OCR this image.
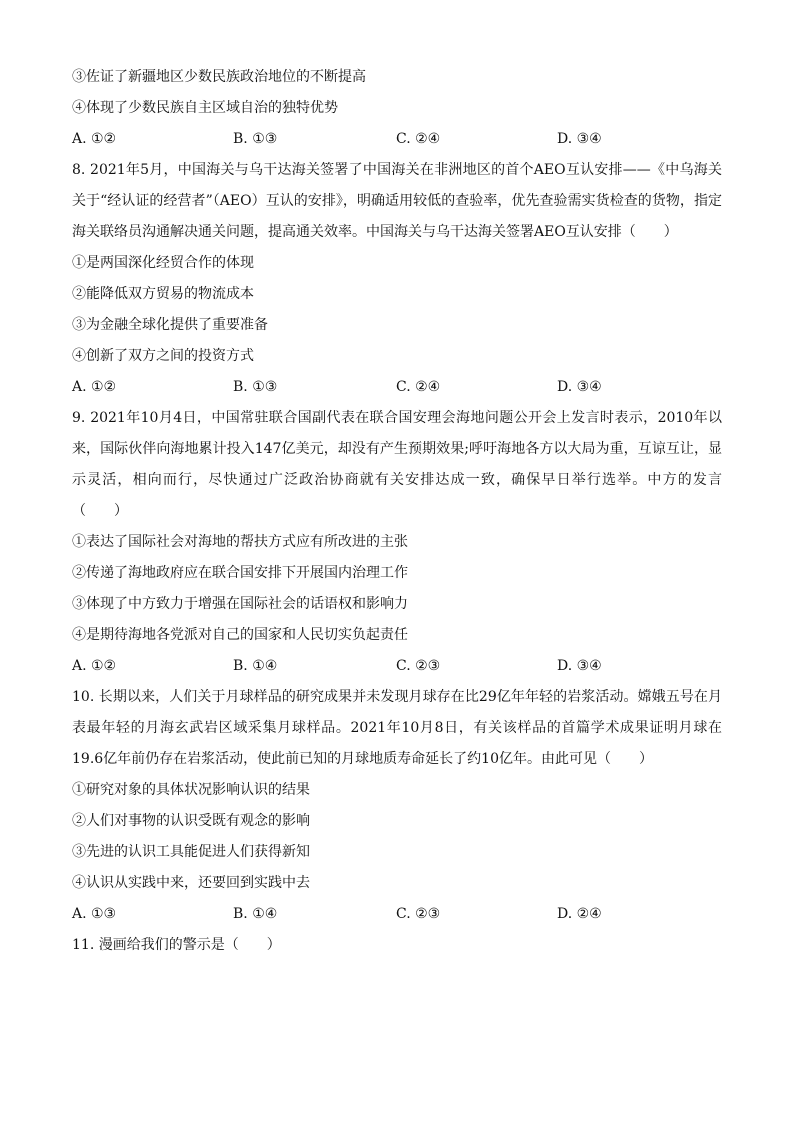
③佐证了新疆地区少数民族政治地位的不断提高
④体现了少数民族自主区域自治的独特优势
A. ①②	B. ①③	C. ②④	D. ③④
8. 2021年5月，中国海关与乌干达海关签署了中国海关在非洲地区的首个AEO互认安排——《中乌海关关于“经认证的经营者”（AEO）互认的安排》，明确适用较低的查验率，优先查验需实货检查的货物，指定海关联络员沟通解决通关问题，提高通关效率。中国海关与乌干达海关签署AEO互认安排（　　）
①是两国深化经贸合作的体现
②能降低双方贸易的物流成本
③为金融全球化提供了重要准备
④创新了双方之间的投资方式
A. ①②	B. ①③	C. ②④	D. ③④
9. 2021年10月4日，中国常驻联合国副代表在联合国安理会海地问题公开会上发言时表示，2010年以来，国际伙伴向海地累计投入147亿美元，却没有产生预期效果;呼吁海地各方以大局为重，互谅互让，显示灵活，相向而行，尽快通过广泛政治协商就有关安排达成一致，确保早日举行选举。中方的发言（　　）
①表达了国际社会对海地的帮扶方式应有所改进的主张
②传递了海地政府应在联合国安排下开展国内治理工作
③体现了中方致力于增强在国际社会的话语权和影响力
④是期待海地各党派对自己的国家和人民切实负起责任
A. ①②	B. ①④	C. ②③	D. ③④
10. 长期以来，人们关于月球样品的研究成果并未发现月球存在比29亿年年轻的岩浆活动。嫦娥五号在月表最年轻的月海玄武岩区域采集月球样品。2021年10月8日，有关该样品的首篇学术成果证明月球在19.6亿年前仍存在岩浆活动，使此前已知的月球地质寿命延长了约10亿年。由此可见（　　）
①研究对象的具体状况影响认识的结果
②人们对事物的认识受既有观念的影响
③先进的认识工具能促进人们获得新知
④认识从实践中来，还要回到实践中去
A. ①③	B. ①④	C. ②③	D. ②④
11. 漫画给我们的警示是（　　）
